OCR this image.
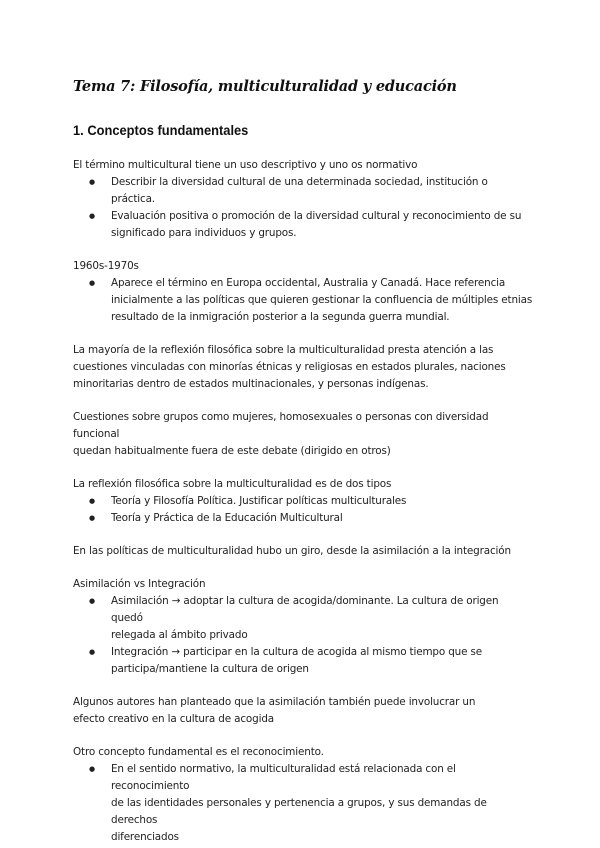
Tema 7: Filosofía, multiculturalidad y educación
1. Conceptos fundamentales

El término multicultural tiene un uso descriptivo y uno os normativo

● Describir la diversidad cultural de una determinada sociedad, institución o práctica.
● Evaluación positiva o promoción de la diversidad cultural y reconocimiento de su
significado para individuos y grupos.

1960s-1970s

● Aparece el término en Europa occidental, Australia y Canadá. Hace referencia
inicialmente a las políticas que quieren gestionar la confluencia de múltiples etnias
resultado de la inmigración posterior a la segunda guerra mundial.

La mayoría de la reflexión filosófica sobre la multiculturalidad presta atención a las
cuestiones vinculadas con minorías étnicas y religiosas en estados plurales, naciones
minoritarias dentro de estados multinacionales, y personas indígenas.

Cuestiones sobre grupos como mujeres, homosexuales o personas con diversidad funcional
quedan habitualmente fuera de este debate (dirigido en otros)

La reflexión filosófica sobre la multiculturalidad es de dos tipos

● Teoría y Filosofía Política. Justificar políticas multiculturales
● Teoría y Práctica de la Educación Multicultural

En las políticas de multiculturalidad hubo un giro, desde la asimilación a la integración

Asimilación vs Integración

● Asimilación → adoptar la cultura de acogida/dominante. La cultura de origen quedó
relegada al ámbito privado
● Integración → participar en la cultura de acogida al mismo tiempo que se
participa/mantiene la cultura de origen

Algunos autores han planteado que la asimilación también puede involucrar un
efecto creativo en la cultura de acogida

Otro concepto fundamental es el reconocimiento.

● En el sentido normativo, la multiculturalidad está relacionada con el reconocimiento
de las identidades personales y pertenencia a grupos, y sus demandas de derechos
diferenciados
